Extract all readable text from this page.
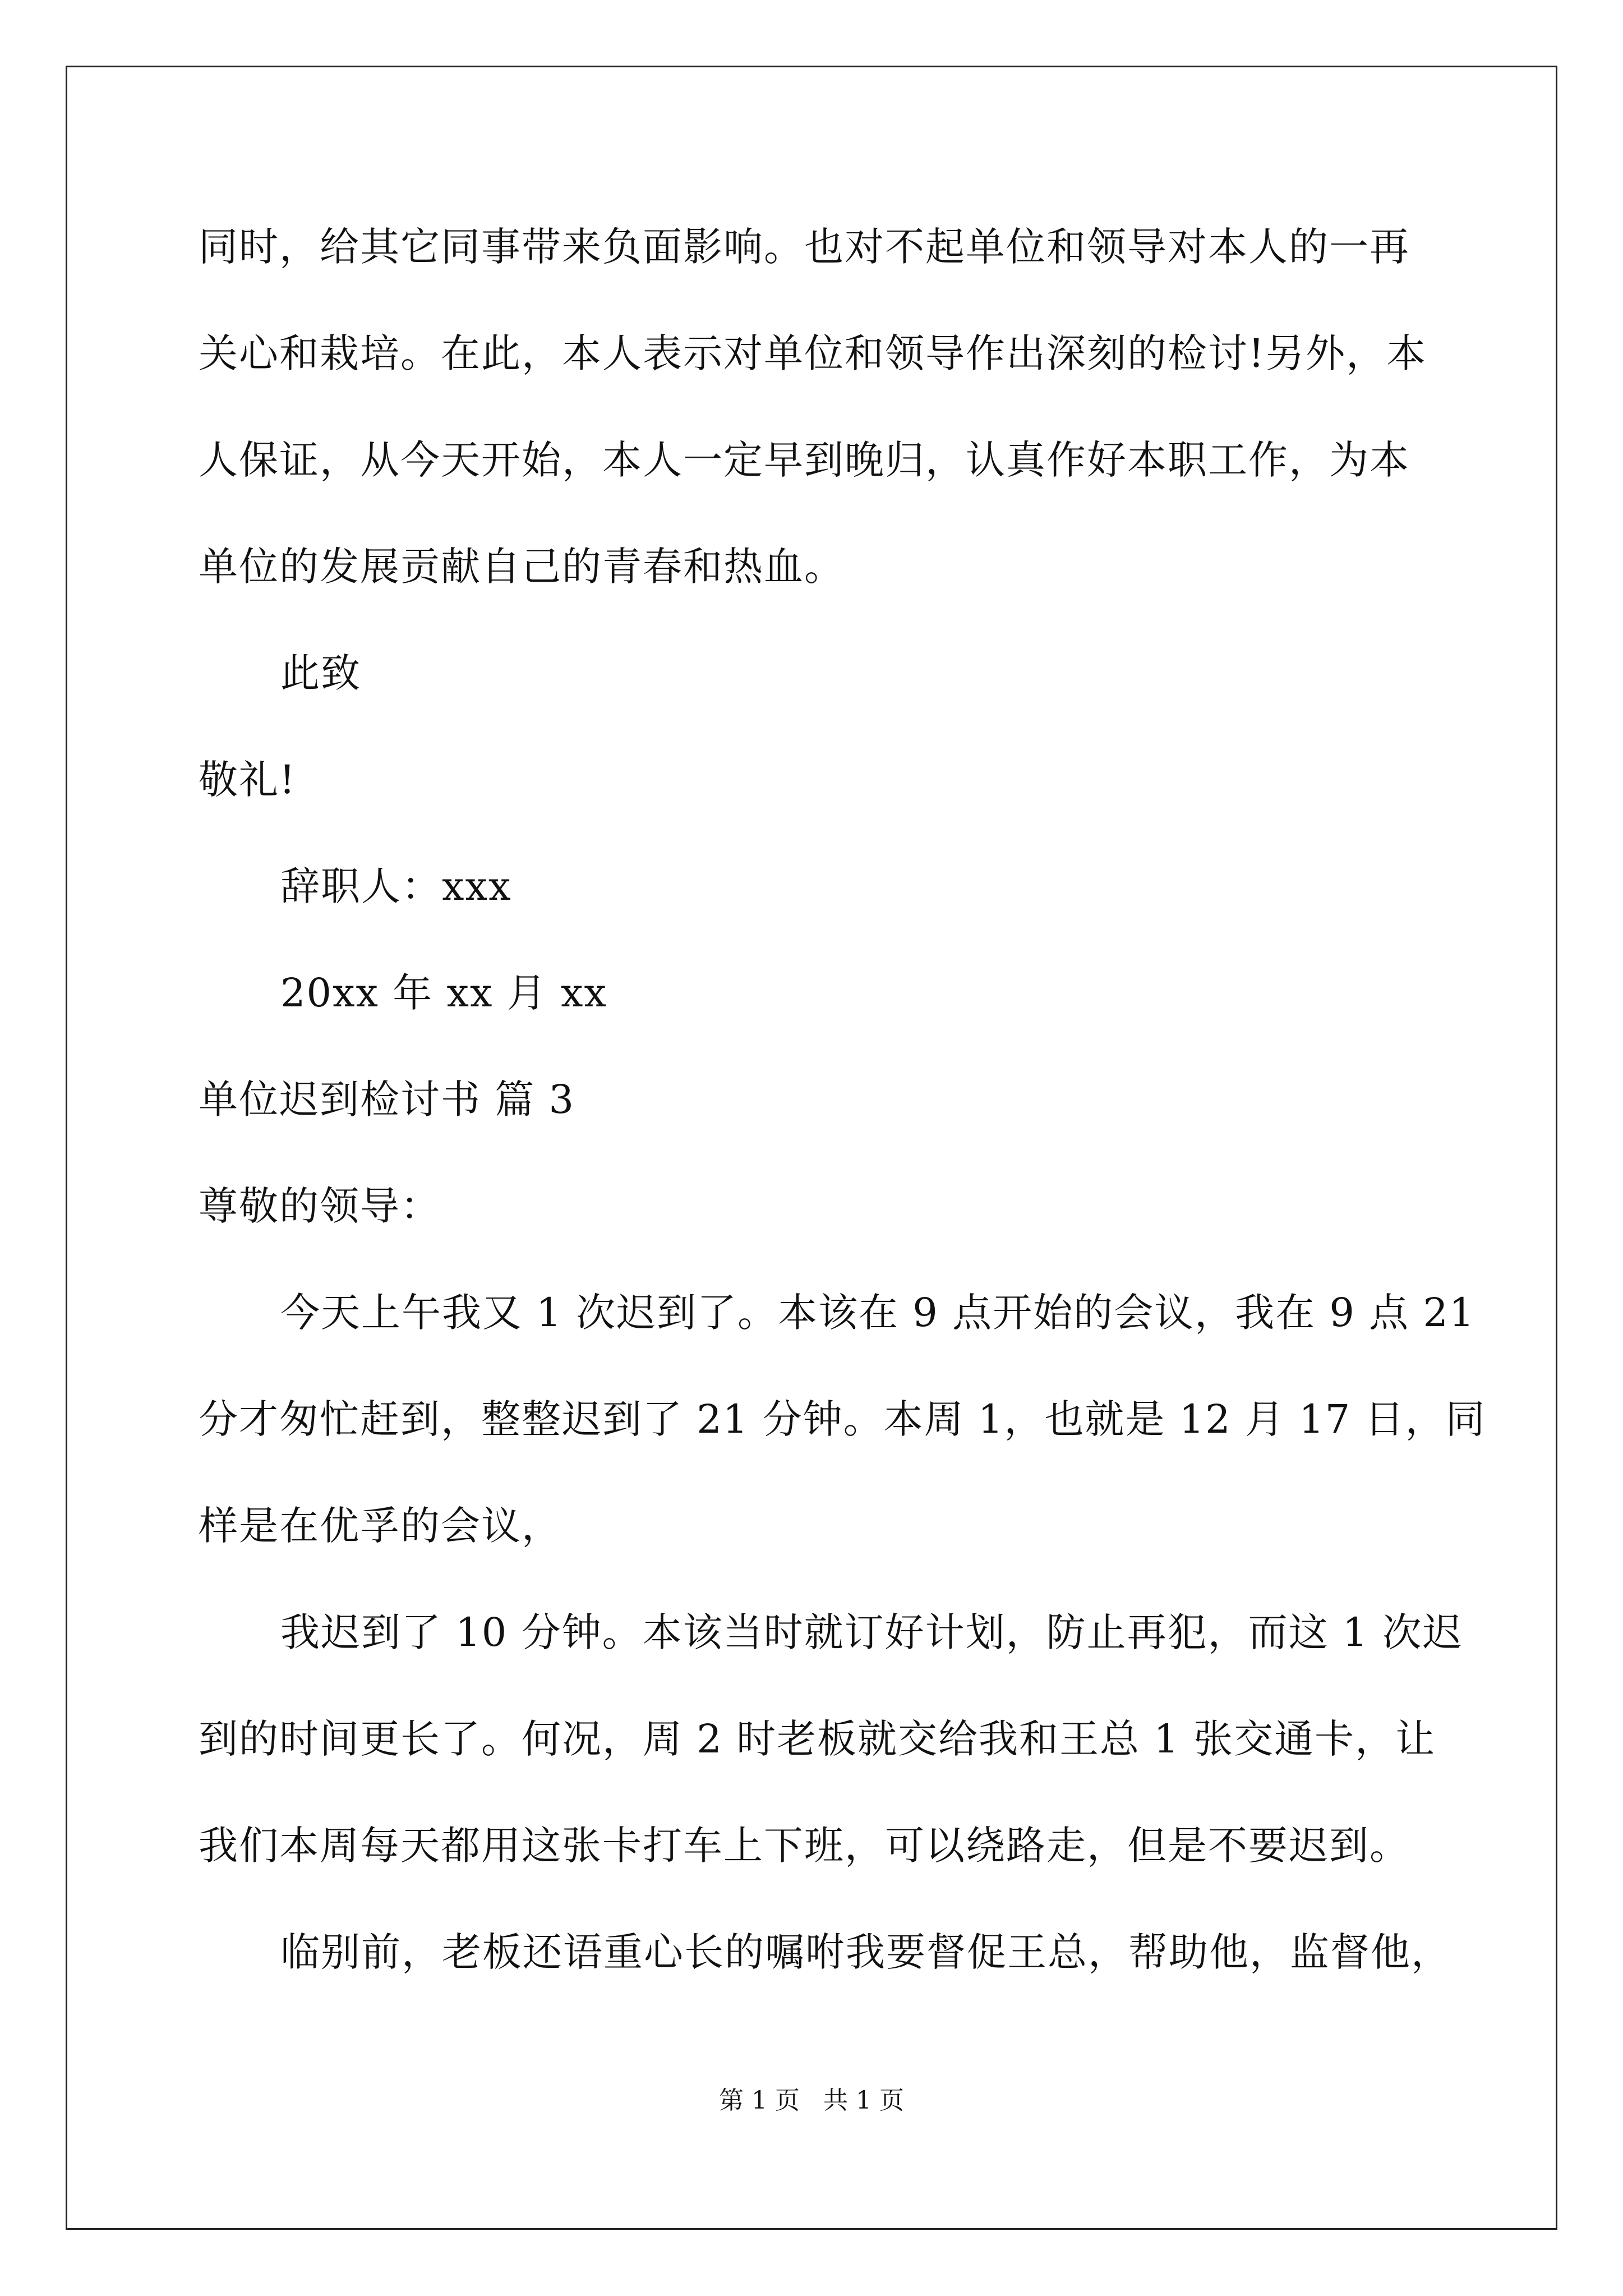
同时，给其它同事带来负面影响。也对不起单位和领导对本人的一再
关心和栽培。在此，本人表示对单位和领导作出深刻的检讨!另外，本
人保证，从今天开始，本人一定早到晚归，认真作好本职工作，为本
单位的发展贡献自己的青春和热血。
此致
敬礼!
辞职人：xxx
20xx 年 xx 月 xx
单位迟到检讨书 篇 3
尊敬的领导：
今天上午我又 1 次迟到了。本该在 9 点开始的会议，我在 9 点 21
分才匆忙赶到，整整迟到了 21 分钟。本周 1，也就是 12 月 17 日，同
样是在优孚的会议，
我迟到了 10 分钟。本该当时就订好计划，防止再犯，而这 1 次迟
到的时间更长了。何况，周 2 时老板就交给我和王总 1 张交通卡，让
我们本周每天都用这张卡打车上下班，可以绕路走，但是不要迟到。
临别前，老板还语重心长的嘱咐我要督促王总，帮助他，监督他，
第 1 页   共 1 页
